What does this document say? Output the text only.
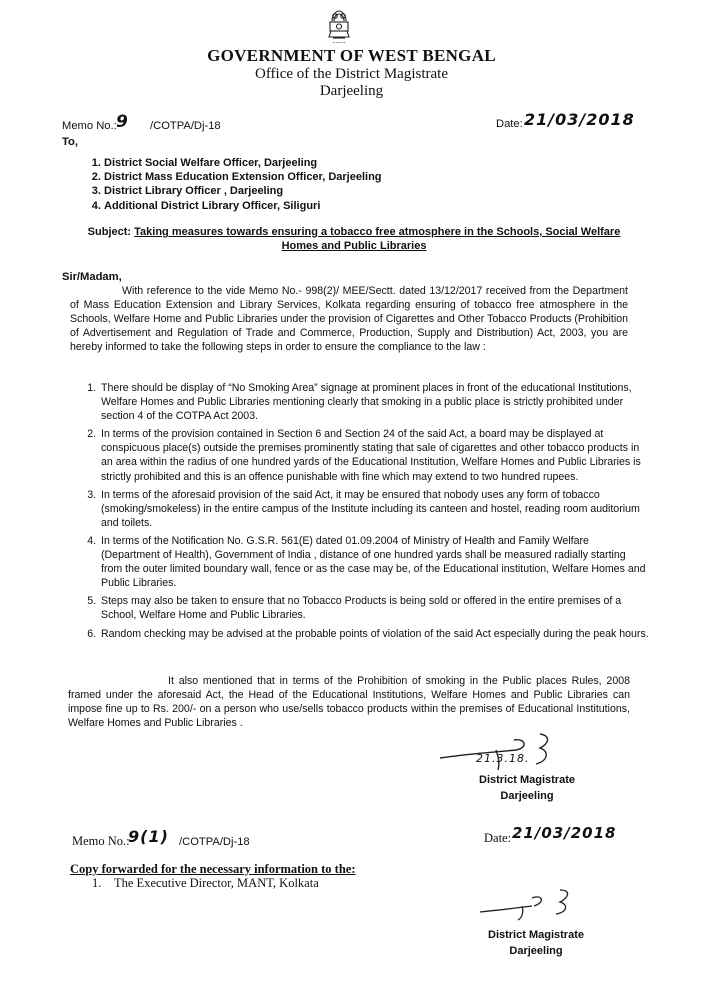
~~~~
GOVERNMENT OF WEST BENGAL
Office of the District Magistrate
Darjeeling
Memo No.: 9 /COTPA/Dj-18	Date: 21/03/2018
To,
1. District Social Welfare Officer, Darjeeling
2. District Mass Education Extension Officer, Darjeeling
3. District Library Officer , Darjeeling
4. Additional District Library Officer, Siliguri
Subject: Taking measures towards ensuring a tobacco free atmosphere in the Schools, Social Welfare Homes and Public Libraries
Sir/Madam,
With reference to the vide Memo No.- 998(2)/ MEE/Sectt. dated 13/12/2017 received from the Department of Mass Education Extension and Library Services, Kolkata regarding ensuring of tobacco free atmosphere in the Schools, Welfare Home and Public Libraries under the provision of Cigarettes and Other Tobacco Products (Prohibition of Advertisement and Regulation of Trade and Commerce, Production, Supply and Distribution) Act, 2003, you are hereby informed to take the following steps in order to ensure the compliance to the law :
1. There should be display of “No Smoking Area” signage at prominent places in front of the educational Institutions, Welfare Homes and Public Libraries mentioning clearly that smoking in a public place is strictly prohibited under section 4 of the COTPA Act 2003.
2. In terms of the provision contained in Section 6 and Section 24 of the said Act, a board may be displayed at conspicuous place(s) outside the premises prominently stating that sale of cigarettes and other tobacco products in an area within the radius of one hundred yards of the Educational Institution, Welfare Homes and Public Libraries is strictly prohibited and this is an offence punishable with fine which may extend to two hundred rupees.
3. In terms of the aforesaid provision of the said Act, it may be ensured that nobody uses any form of tobacco (smoking/smokeless) in the entire campus of the Institute including its canteen and hostel, reading room auditorium and toilets.
4. In terms of the Notification No. G.S.R. 561(E) dated 01.09.2004 of Ministry of Health and Family Welfare (Department of Health), Government of India , distance of one hundred yards shall be measured radially starting from the outer limited boundary wall, fence or as the case may be, of the Educational institution, Welfare Homes and Public Libraries.
5. Steps may also be taken to ensure that no Tobacco Products is being sold or offered in the entire premises of a School, Welfare Home and Public Libraries.
6. Random checking may be advised at the probable points of violation of the said Act especially during the peak hours.
It also mentioned that in terms of the Prohibition of smoking in the Public places Rules, 2008 framed under the aforesaid Act, the Head of the Educational Institutions, Welfare Homes and Public Libraries can impose fine up to Rs. 200/- on a person who use/sells tobacco products within the premises of Educational Institutions, Welfare Homes and Public Libraries .
21.3.18.
District Magistrate
Darjeeling
Memo No.:
9(1) /COTPA/Dj-18	Date: 21/03/2018
Copy forwarded for the necessary information to the:
1. The Executive Director, MANT, Kolkata
District Magistrate
Darjeeling
